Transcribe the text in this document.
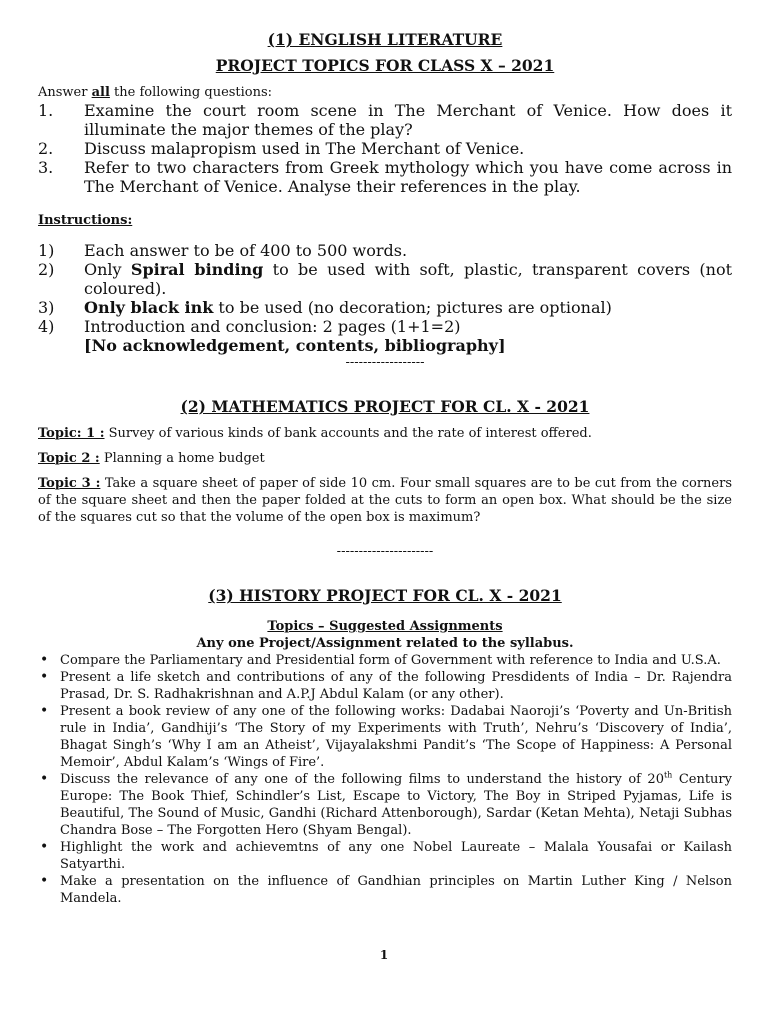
(1) ENGLISH LITERATURE
PROJECT TOPICS FOR CLASS X – 2021

Answer all the following questions:

1.	Examine the court room scene in The Merchant of Venice. How does it illuminate the major themes of the play?
2.	Discuss malapropism used in The Merchant of Venice.
3.	Refer to two characters from Greek mythology which you have come across in The Merchant of Venice. Analyse their references in the play.

Instructions:

1)	Each answer to be of 400 to 500 words.
2)	Only Spiral binding to be used with soft, plastic, transparent covers (not coloured).
3)	Only black ink to be used (no decoration; pictures are optional)
4)	Introduction and conclusion: 2 pages (1+1=2)
[No acknowledgement, contents, bibliography]
------------------
(2) MATHEMATICS PROJECT FOR CL. X - 2021

Topic: 1 : Survey of various kinds of bank accounts and the rate of interest offered.

Topic 2 : Planning a home budget

Topic 3 : Take a square sheet of paper of side 10 cm. Four small squares are to be cut from the corners of the square sheet and then the paper folded at the cuts to form an open box. What should be the size of the squares cut so that the volume of the open box is maximum?

----------------------
(3) HISTORY PROJECT FOR CL. X - 2021
Topics – Suggested Assignments
Any one Project/Assignment related to the syllabus.
• Compare the Parliamentary and Presidential form of Government with reference to India and U.S.A.
• Present a life sketch and contributions of any of the following Presdidents of India – Dr. Rajendra Prasad, Dr. S. Radhakrishnan and A.P.J Abdul Kalam (or any other).
• Present a book review of any one of the following works: Dadabai Naoroji’s ‘Poverty and Un-British rule in India’, Gandhiji’s ‘The Story of my Experiments with Truth’, Nehru’s ‘Discovery of India’, Bhagat Singh’s ‘Why I am an Atheist’, Vijayalakshmi Pandit’s ‘The Scope of Happiness: A Personal Memoir’, Abdul Kalam’s ‘Wings of Fire’.
• Discuss the relevance of any one of the following films to understand the history of 20th Century Europe: The Book Thief, Schindler’s List, Escape to Victory, The Boy in Striped Pyjamas, Life is Beautiful, The Sound of Music, Gandhi (Richard Attenborough), Sardar (Ketan Mehta), Netaji Subhas Chandra Bose – The Forgotten Hero (Shyam Bengal).
• Highlight the work and achievemtns of any one Nobel Laureate – Malala Yousafai or Kailash Satyarthi.
• Make a presentation on the influence of Gandhian principles on Martin Luther King / Nelson Mandela.
1
